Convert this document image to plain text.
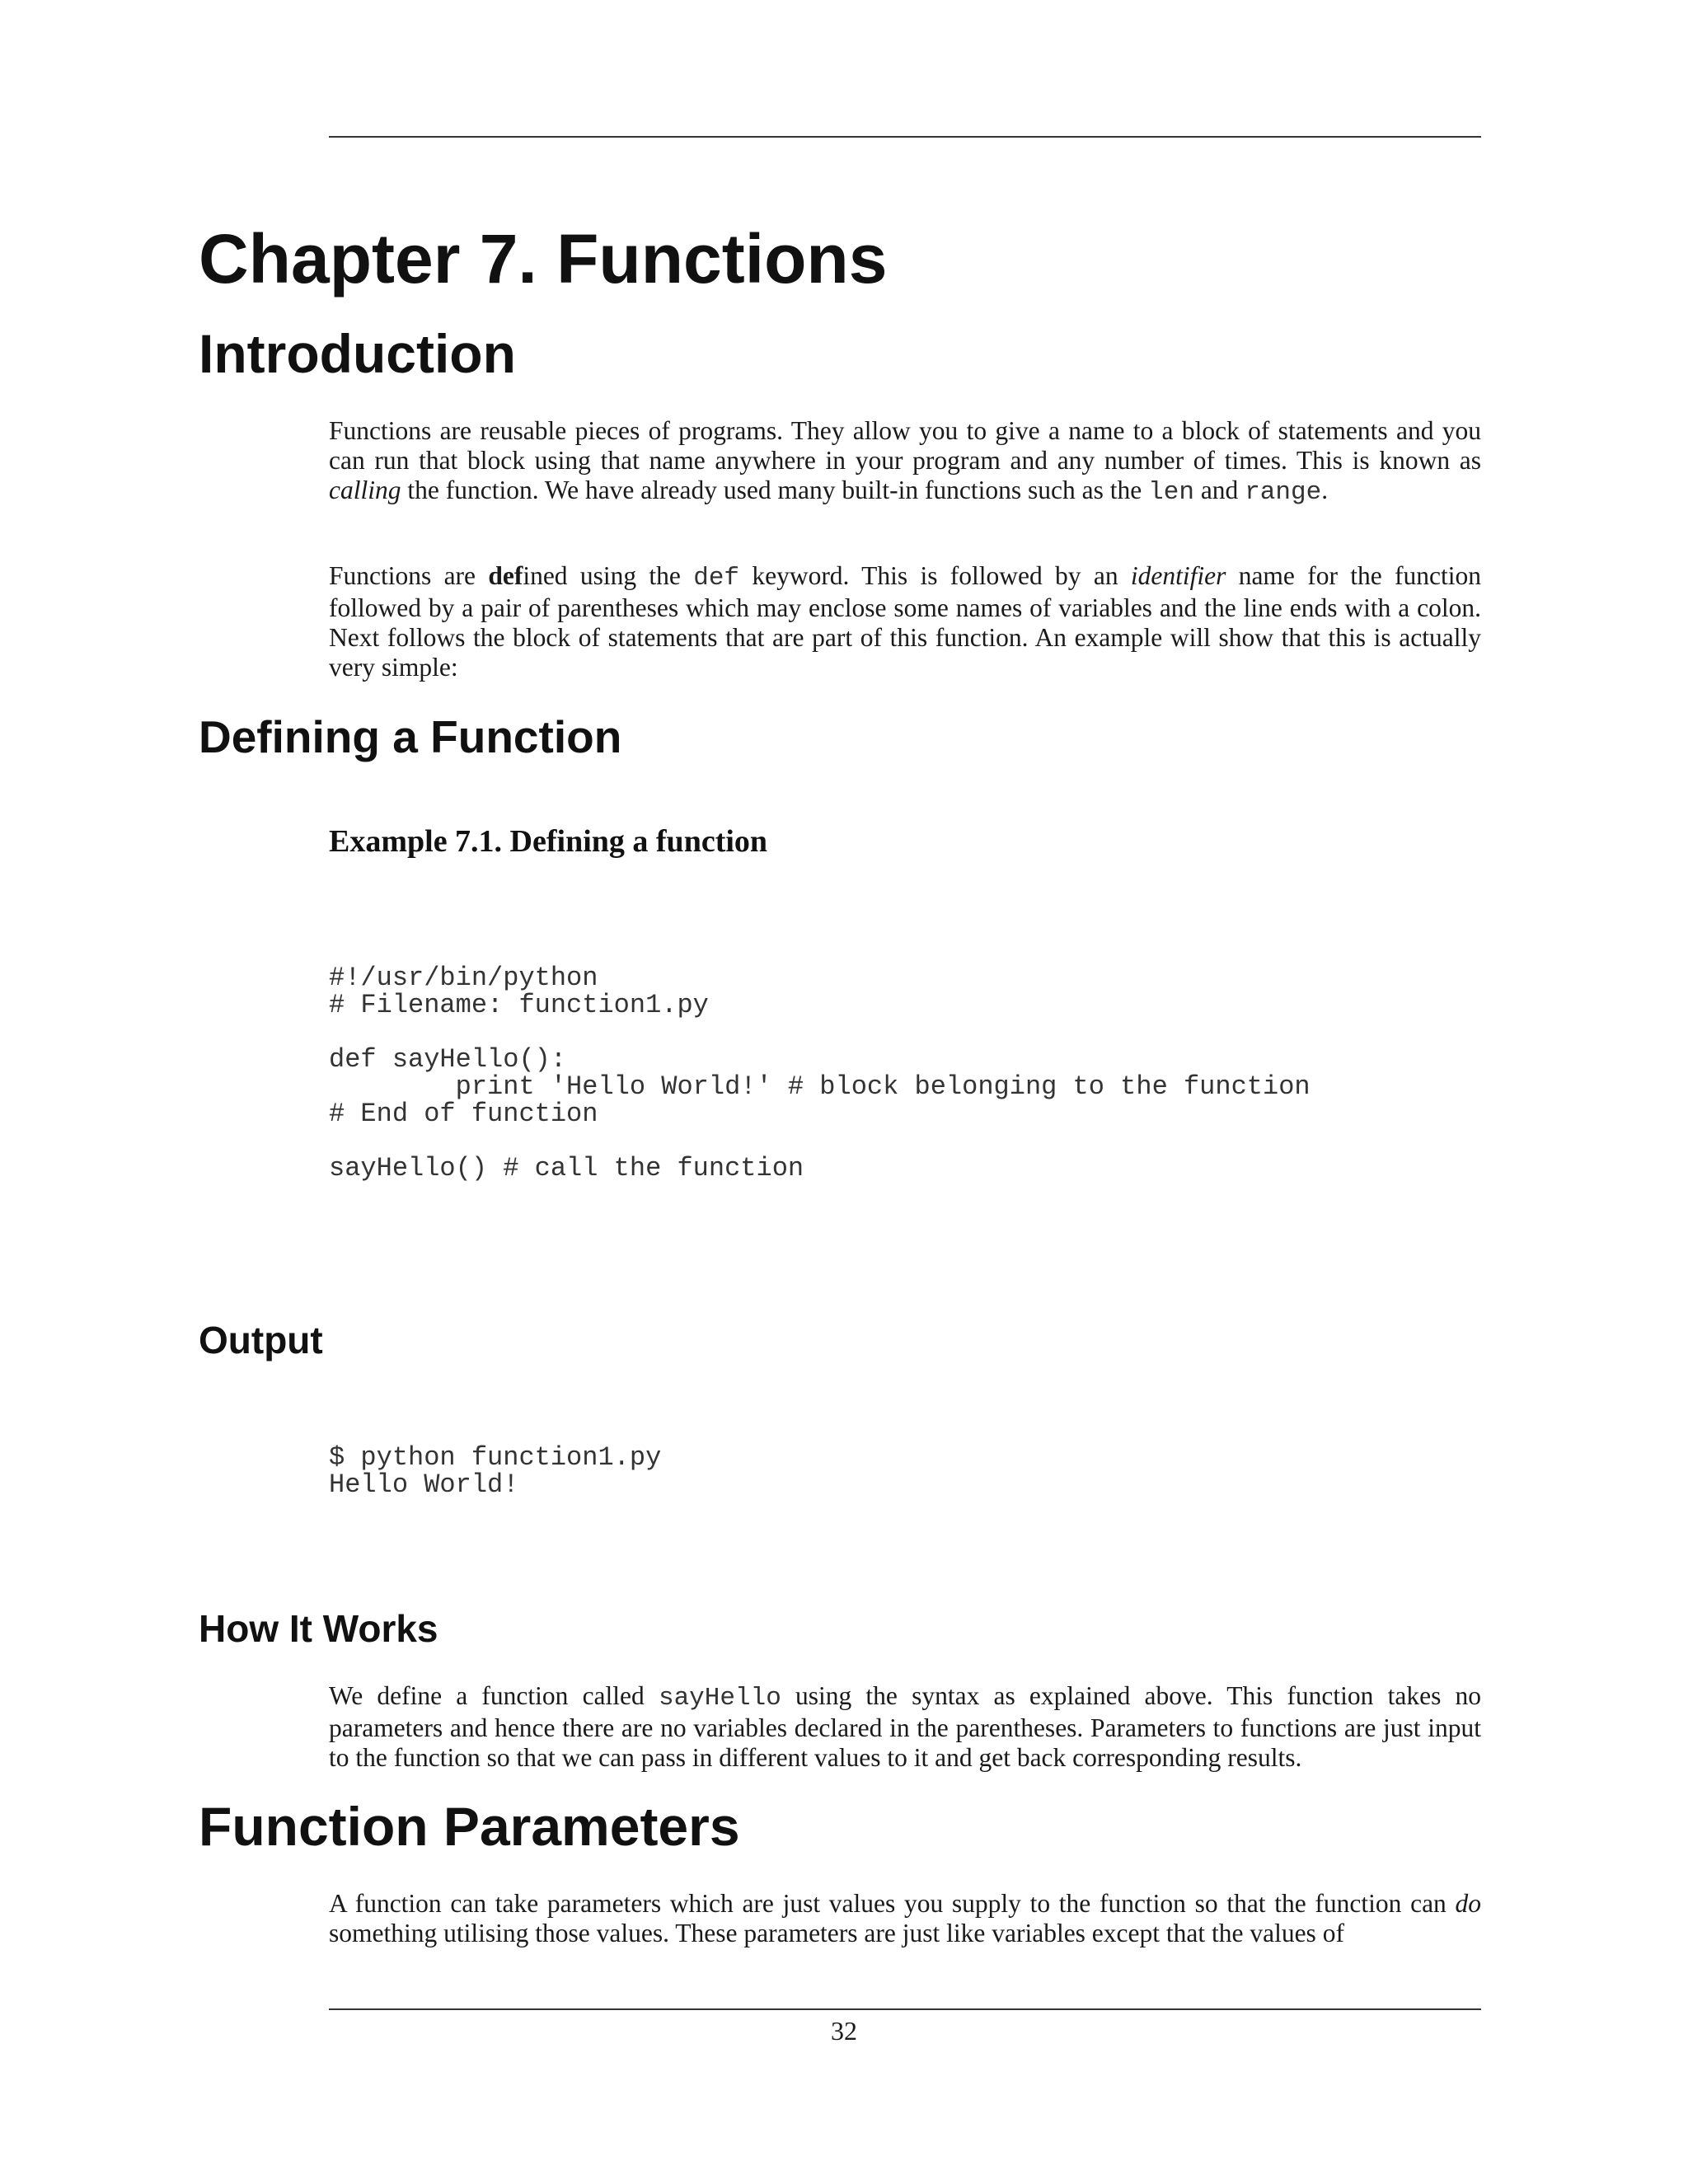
Chapter 7. Functions
Introduction

Functions are reusable pieces of programs. They allow you to give a name to a block of statements and you can run that block using that name anywhere in your program and any number of times. This is known as calling the function. We have already used many built-in functions such as the len and range.

Functions are defined using the def keyword. This is followed by an identifier name for the function followed by a pair of parentheses which may enclose some names of variables and the line ends with a colon. Next follows the block of statements that are part of this function. An example will show that this is actually very simple:

Defining a Function
Example 7.1. Defining a function
#!/usr/bin/python
# Filename: function1.py

def sayHello():
print 'Hello World!' # block belonging to the function
# End of function

sayHello() # call the function
Output
$ python function1.py
Hello World!
How It Works

We define a function called sayHello using the syntax as explained above. This function takes no parameters and hence there are no variables declared in the parentheses. Parameters to functions are just input to the function so that we can pass in different values to it and get back corresponding results.

Function Parameters

A function can take parameters which are just values you supply to the function so that the function can do something utilising those values. These parameters are just like variables except that the values of

32
